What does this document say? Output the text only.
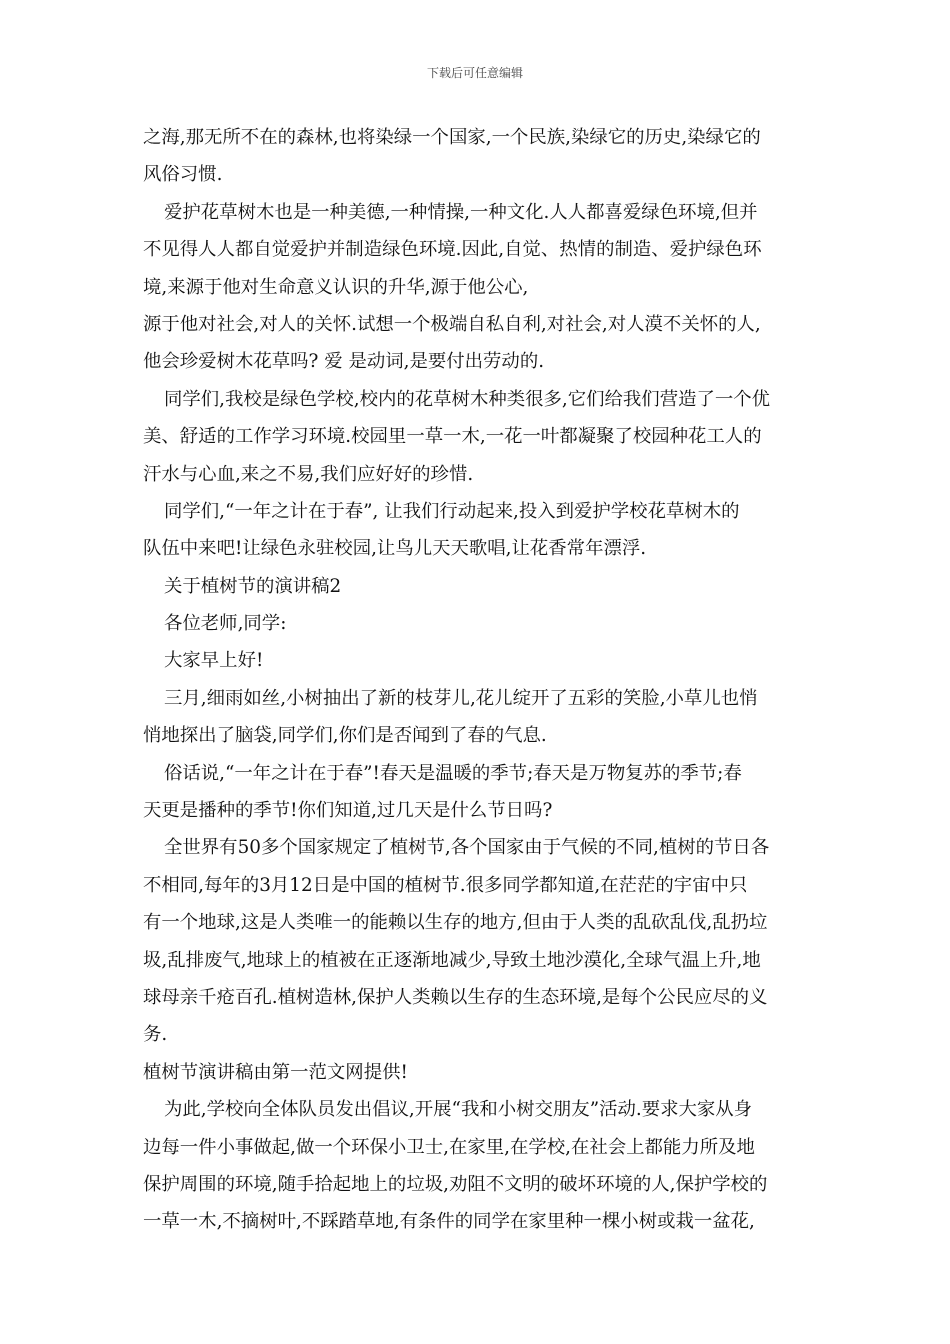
下载后可任意编辑
之海,那无所不在的森林,也将染绿一个国家,一个民族,染绿它的历史,染绿它的
风俗习惯.
爱护花草树木也是一种美德,一种情操,一种文化.人人都喜爱绿色环境,但并
不见得人人都自觉爱护并制造绿色环境.因此,自觉、热情的制造、爱护绿色环
境,来源于他对生命意义认识的升华,源于他公心,
源于他对社会,对人的关怀.试想一个极端自私自利,对社会,对人漠不关怀的人,
他会珍爱树木花草吗? 爱 是动词,是要付出劳动的.
同学们,我校是绿色学校,校内的花草树木种类很多,它们给我们营造了一个优
美、舒适的工作学习环境.校园里一草一木,一花一叶都凝聚了校园种花工人的
汗水与心血,来之不易,我们应好好的珍惜.
同学们,“一年之计在于春”, 让我们行动起来,投入到爱护学校花草树木的
队伍中来吧!让绿色永驻校园,让鸟儿天天歌唱,让花香常年漂浮.
关于植树节的演讲稿2
各位老师,同学:
大家早上好!
三月,细雨如丝,小树抽出了新的枝芽儿,花儿绽开了五彩的笑脸,小草儿也悄
悄地探出了脑袋,同学们,你们是否闻到了春的气息.
俗话说,“一年之计在于春”!春天是温暖的季节;春天是万物复苏的季节;春
天更是播种的季节!你们知道,过几天是什么节日吗?
全世界有50多个国家规定了植树节,各个国家由于气候的不同,植树的节日各
不相同,每年的3月12日是中国的植树节.很多同学都知道,在茫茫的宇宙中只
有一个地球,这是人类唯一的能赖以生存的地方,但由于人类的乱砍乱伐,乱扔垃
圾,乱排废气,地球上的植被在正逐渐地减少,导致土地沙漠化,全球气温上升,地
球母亲千疮百孔.植树造林,保护人类赖以生存的生态环境,是每个公民应尽的义
务.
植树节演讲稿由第一范文网提供!
为此,学校向全体队员发出倡议,开展“我和小树交朋友”活动.要求大家从身
边每一件小事做起,做一个环保小卫士,在家里,在学校,在社会上都能力所及地
保护周围的环境,随手拾起地上的垃圾,劝阻不文明的破坏环境的人,保护学校的
一草一木,不摘树叶,不踩踏草地,有条件的同学在家里种一棵小树或栽一盆花,
